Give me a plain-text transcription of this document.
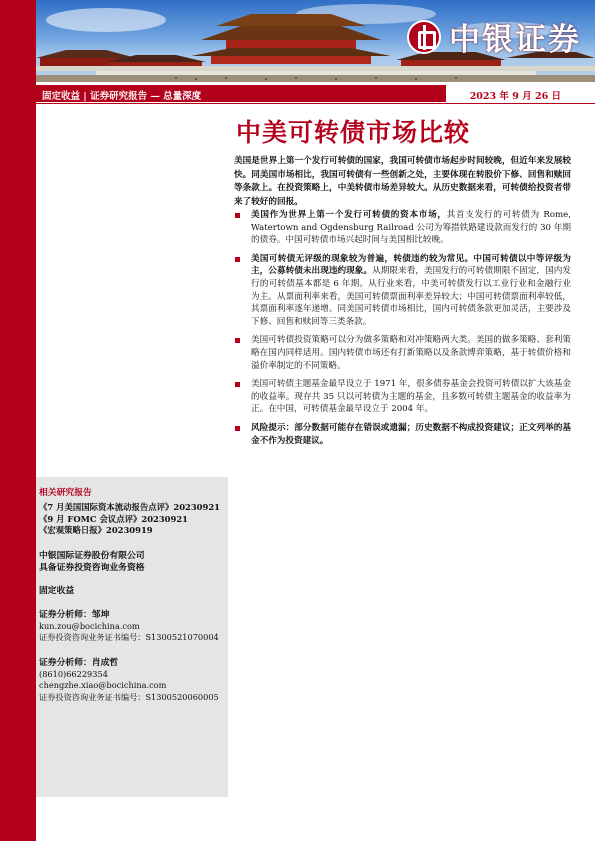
中银证券
固定收益 | 证券研究报告 — 总量深度	2023 年 9 月 26 日
中美可转债市场比较

美国是世界上第一个发行可转债的国家，我国可转债市场起步时间较晚，但近年来发展较快。同美国市场相比，我国可转债有一些创新之处，主要体现在转股价下修、回售和赎回等条款上。在投资策略上，中美转债市场差异较大。从历史数据来看，可转债给投资者带来了较好的回报。

美国作为世界上第一个发行可转债的资本市场，其首支发行的可转债为 Rome, Watertown and Ogdensburg Railroad 公司为筹措铁路建设款而发行的 30 年期的债券。中国可转债市场兴起时间与美国相比较晚。
美国可转债无评级的现象较为普遍，转债违约较为常见。中国可转债以中等评级为主，公募转债未出现违约现象。从期限来看，美国发行的可转债期限不固定，国内发行的可转债基本都是 6 年期。从行业来看，中美可转债发行以工业行业和金融行业为主。从票面利率来看，美国可转债票面利率差异较大；中国可转债票面利率较低，其票面利率逐年递增。同美国可转债市场相比，国内可转债条款更加灵活，主要涉及下修、回售和赎回等三类条款。
美国可转债投资策略可以分为做多策略和对冲策略两大类。美国的做多策略、套利策略在国内同样适用。国内转债市场还有打新策略以及条款博弈策略，基于转债价格和溢价率制定的不同策略。
美国可转债主题基金最早设立于 1971 年，很多债券基金会投资可转债以扩大该基金的收益率。现存共 35 只以可转债为主题的基金，且多数可转债主题基金的收益率为正。在中国，可转债基金最早设立于 2004 年。
风险提示：部分数据可能存在错误或遗漏；历史数据不构成投资建议；正文列举的基金不作为投资建议。
相关研究报告
《7 月美国国际资本流动报告点评》20230921
《9 月 FOMC 会议点评》20230921
《宏观策略日报》20230919
中银国际证券股份有限公司
具备证券投资咨询业务资格
固定收益
证券分析师：邹坤
kun.zou@bocichina.com
证券投资咨询业务证书编号：S1300521070004
证券分析师：肖成哲
(8610)66229354
chengzhe.xiao@bocichina.com
证券投资咨询业务证书编号：S1300520060005
